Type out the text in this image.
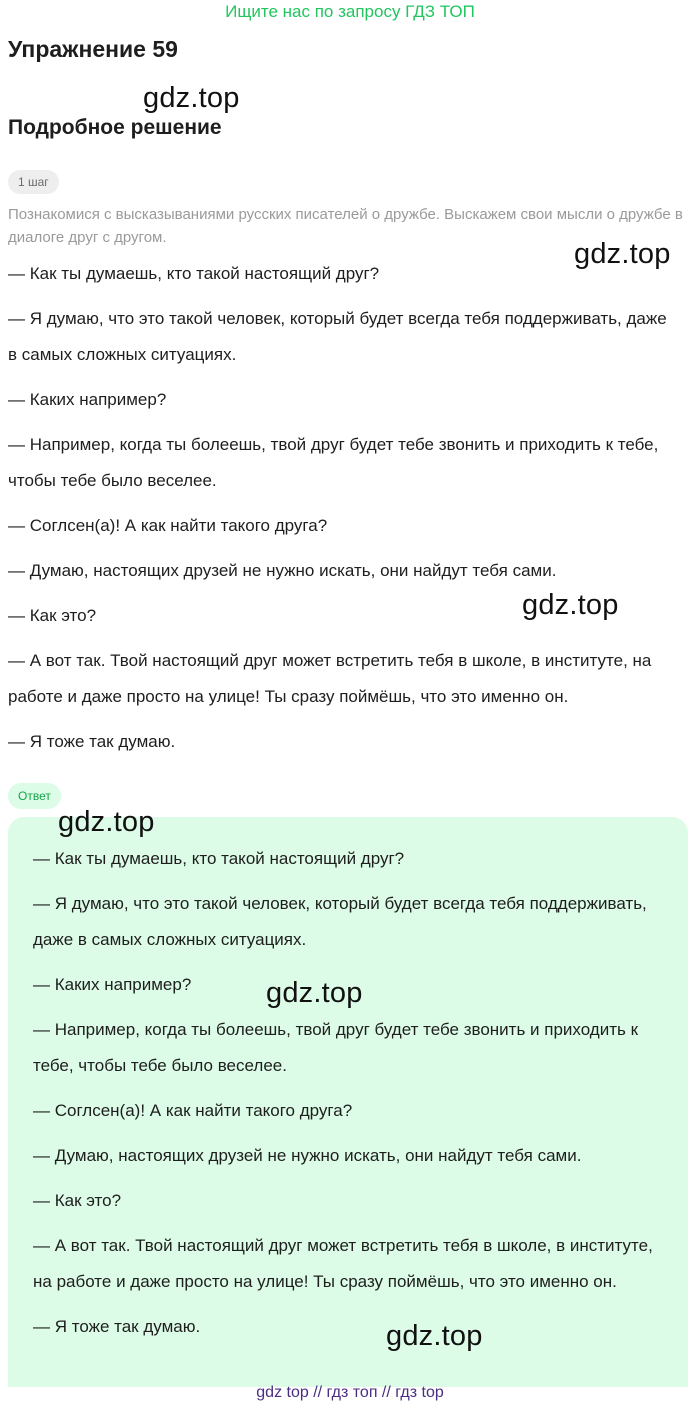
Ищите нас по запросу ГДЗ ТОП
Упражнение 59
gdz.top
Подробное решение
1 шаг
Познакомися с высказываниями русских писателей о дружбе. Выскажем свои мысли о дружбе в диалоге друг с другом.
gdz.top

— Как ты думаешь, кто такой настоящий друг?

— Я думаю, что это такой человек, который будет всегда тебя поддерживать, даже в самых сложных ситуациях.

— Каких например?

— Например, когда ты болеешь, твой друг будет тебе звонить и приходить к тебе, чтобы тебе было веселее.

— Соглсен(а)! А как найти такого друга?

— Думаю, настоящих друзей не нужно искать, они найдут тебя сами.

— Как это?

— А вот так. Твой настоящий друг может встретить тебя в школе, в институте, на работе и даже просто на улице! Ты сразу поймёшь, что это именно он.

— Я тоже так думаю.

gdz.top
Ответ
gdz.top

— Как ты думаешь, кто такой настоящий друг?

— Я думаю, что это такой человек, который будет всегда тебя поддерживать, даже в самых сложных ситуациях.

— Каких например?

— Например, когда ты болеешь, твой друг будет тебе звонить и приходить к тебе, чтобы тебе было веселее.

— Соглсен(а)! А как найти такого друга?

— Думаю, настоящих друзей не нужно искать, они найдут тебя сами.

— Как это?

— А вот так. Твой настоящий друг может встретить тебя в школе, в институте, на работе и даже просто на улице! Ты сразу поймёшь, что это именно он.

— Я тоже так думаю.

gdz.top
gdz.top
gdz top // гдз топ // гдз top
